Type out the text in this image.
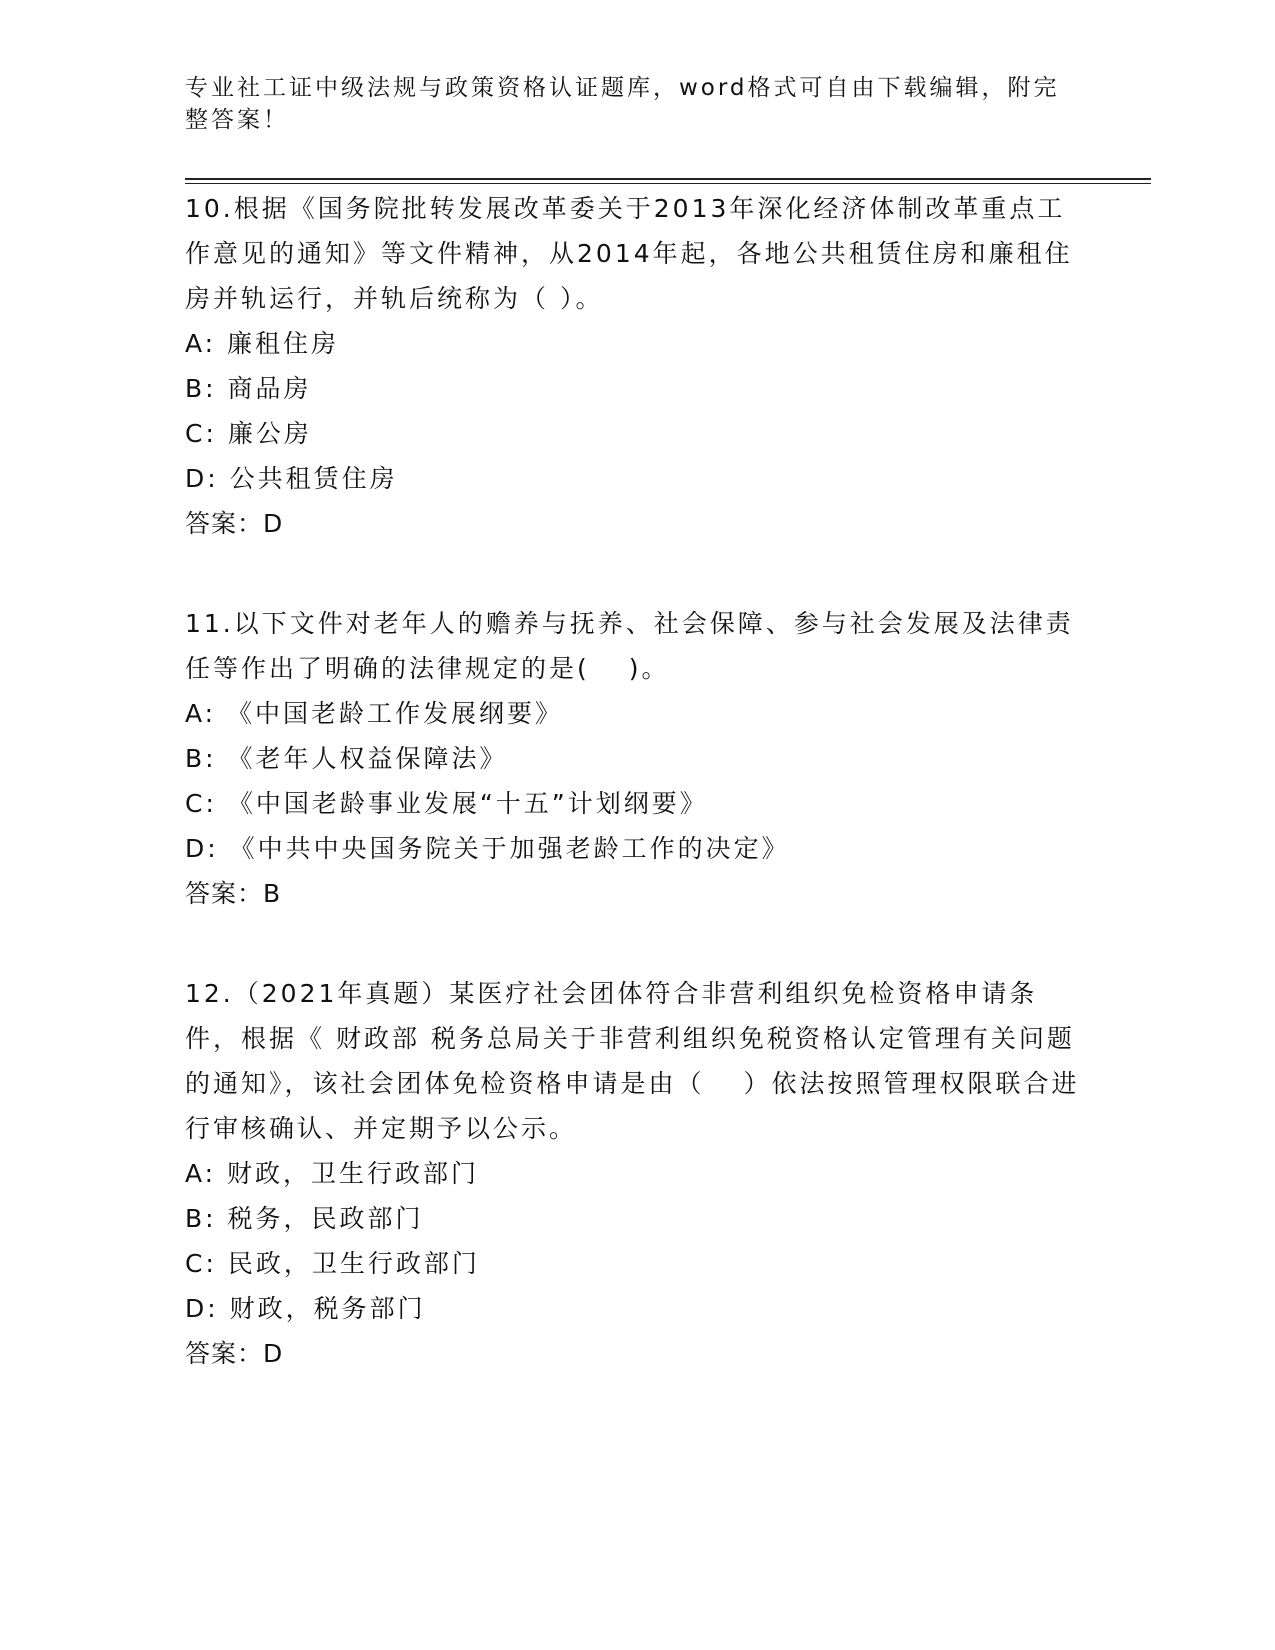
专业社工证中级法规与政策资格认证题库，word格式可自由下载编辑，附完整答案！
10.根据《国务院批转发展改革委关于2013年深化经济体制改革重点工作意见的通知》等文件精神，从2014年起，各地公共租赁住房和廉租住房并轨运行，并轨后统称为（ ）。
A: 廉租住房
B: 商品房
C: 廉公房
D: 公共租赁住房
答案：D
11.以下文件对老年人的赡养与抚养、社会保障、参与社会发展及法律责任等作出了明确的法律规定的是(　 )。
A: 《中国老龄工作发展纲要》
B: 《老年人权益保障法》
C: 《中国老龄事业发展“十五”计划纲要》
D: 《中共中央国务院关于加强老龄工作的决定》
答案：B
12.（2021年真题）某医疗社会团体符合非营利组织免检资格申请条件，根据《 财政部 税务总局关于非营利组织免税资格认定管理有关问题的通知》，该社会团体免检资格申请是由（　 ）依法按照管理权限联合进行审核确认、并定期予以公示。
A: 财政，卫生行政部门
B: 税务，民政部门
C: 民政，卫生行政部门
D: 财政，税务部门
答案：D
